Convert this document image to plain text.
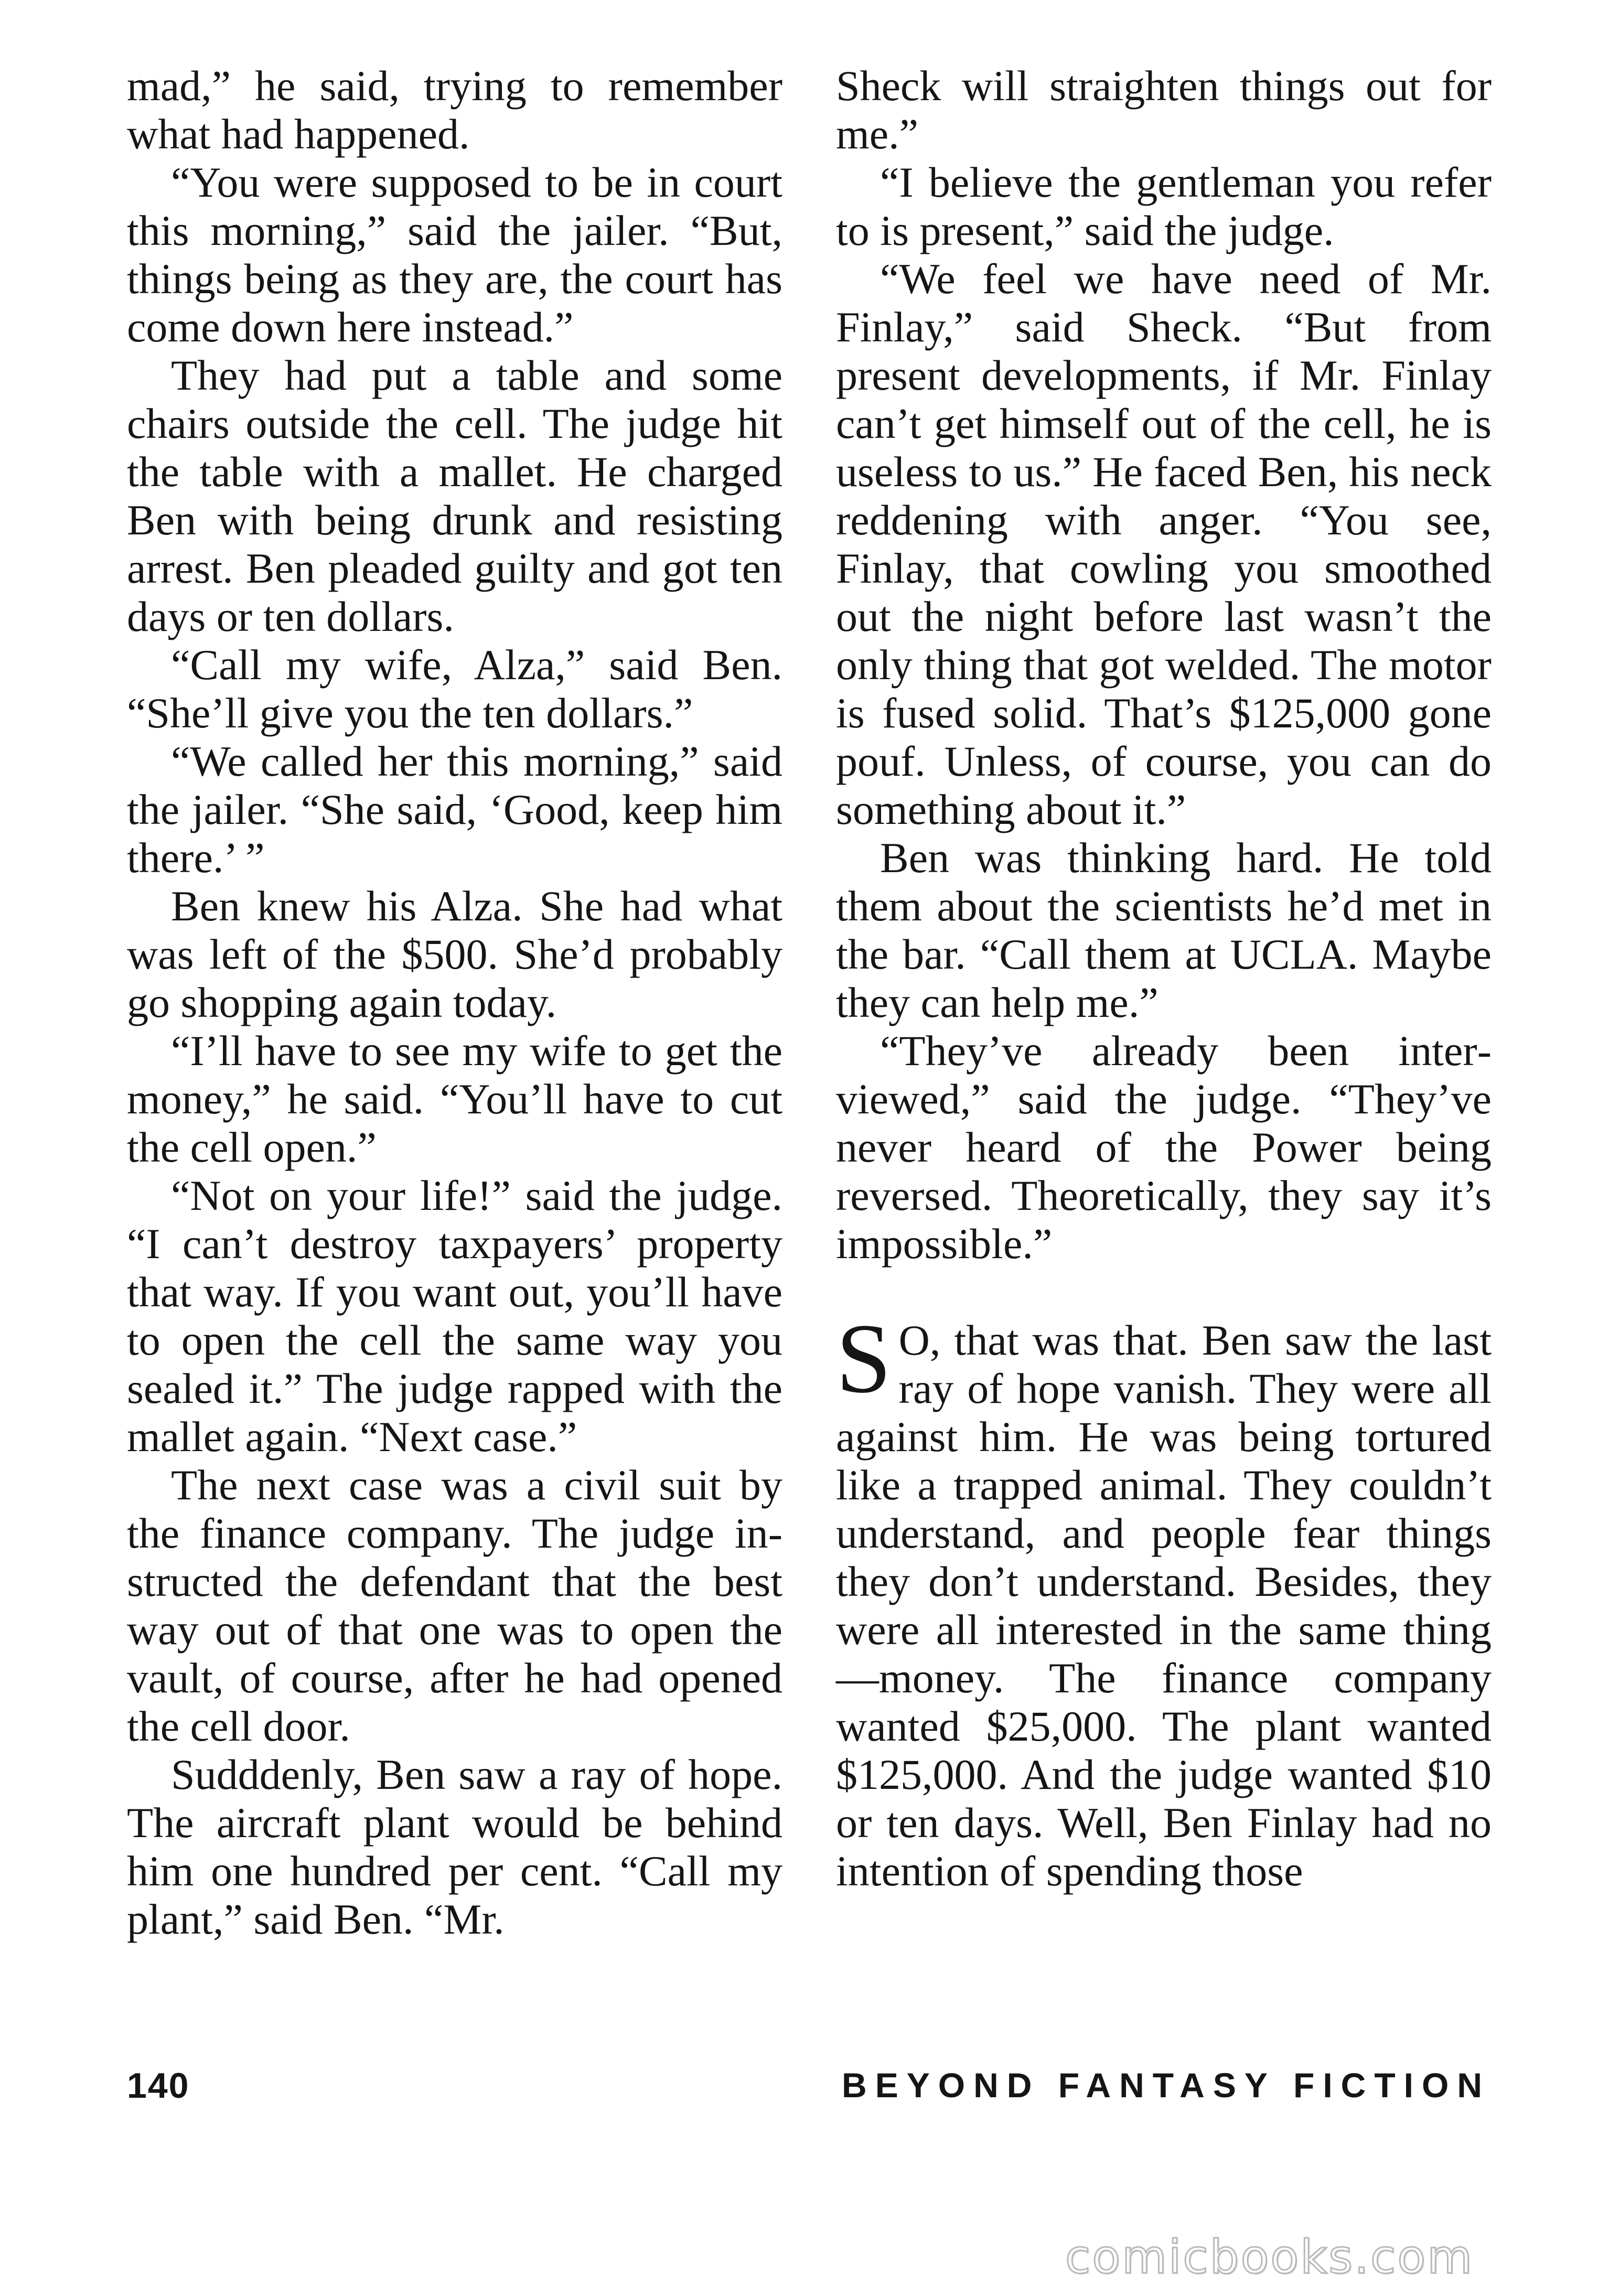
mad,” he said, trying to remember what had happened.

“You were supposed to be in court this morning,” said the jailer. “But, things being as they are, the court has come down here instead.”

They had put a table and some chairs outside the cell. The judge hit the table with a mallet. He charged Ben with being drunk and resisting arrest. Ben pleaded guilty and got ten days or ten dollars.

“Call my wife, Alza,” said Ben. “She’ll give you the ten dollars.”

“We called her this morning,” said the jailer. “She said, ‘Good, keep him there.’ ”

Ben knew his Alza. She had what was left of the $500. She’d probably go shopping again today.

“I’ll have to see my wife to get the money,” he said. “You’ll have to cut the cell open.”

“Not on your life!” said the judge. “I can’t destroy taxpayers’ property that way. If you want out, you’ll have to open the cell the same way you sealed it.” The judge rapped with the mallet again. “Next case.”

The next case was a civil suit by the finance company. The judge instructed the defendant that the best way out of that one was to open the vault, of course, after he had opened the cell door.

Sudddenly, Ben saw a ray of hope. The aircraft plant would be behind him one hundred per cent. “Call my plant,” said Ben. “Mr.

Sheck will straighten things out for me.”

“I believe the gentleman you refer to is present,” said the judge.

“We feel we have need of Mr. Finlay,” said Sheck. “But from present developments, if Mr. Finlay can’t get himself out of the cell, he is useless to us.” He faced Ben, his neck reddening with anger. “You see, Finlay, that cowling you smoothed out the night before last wasn’t the only thing that got welded. The motor is fused solid. That’s $125,000 gone pouf. Unless, of course, you can do something about it.”

Ben was thinking hard. He told them about the scientists he’d met in the bar. “Call them at UCLA. Maybe they can help me.”

“They’ve already been interviewed,” said the judge. “They’ve never heard of the Power being reversed. Theoretically, they say it’s impossible.”

S O, that was that. Ben saw the last ray of hope vanish. They were all against him. He was being tortured like a trapped animal. They couldn’t understand, and people fear things they don’t understand. Besides, they were all interested in the same thing—money. The finance company wanted $25,000. The plant wanted $125,000. And the judge wanted $10 or ten days. Well, Ben Finlay had no intention of spending those

140	BEYOND FANTASY FICTION
comicbooks.com
